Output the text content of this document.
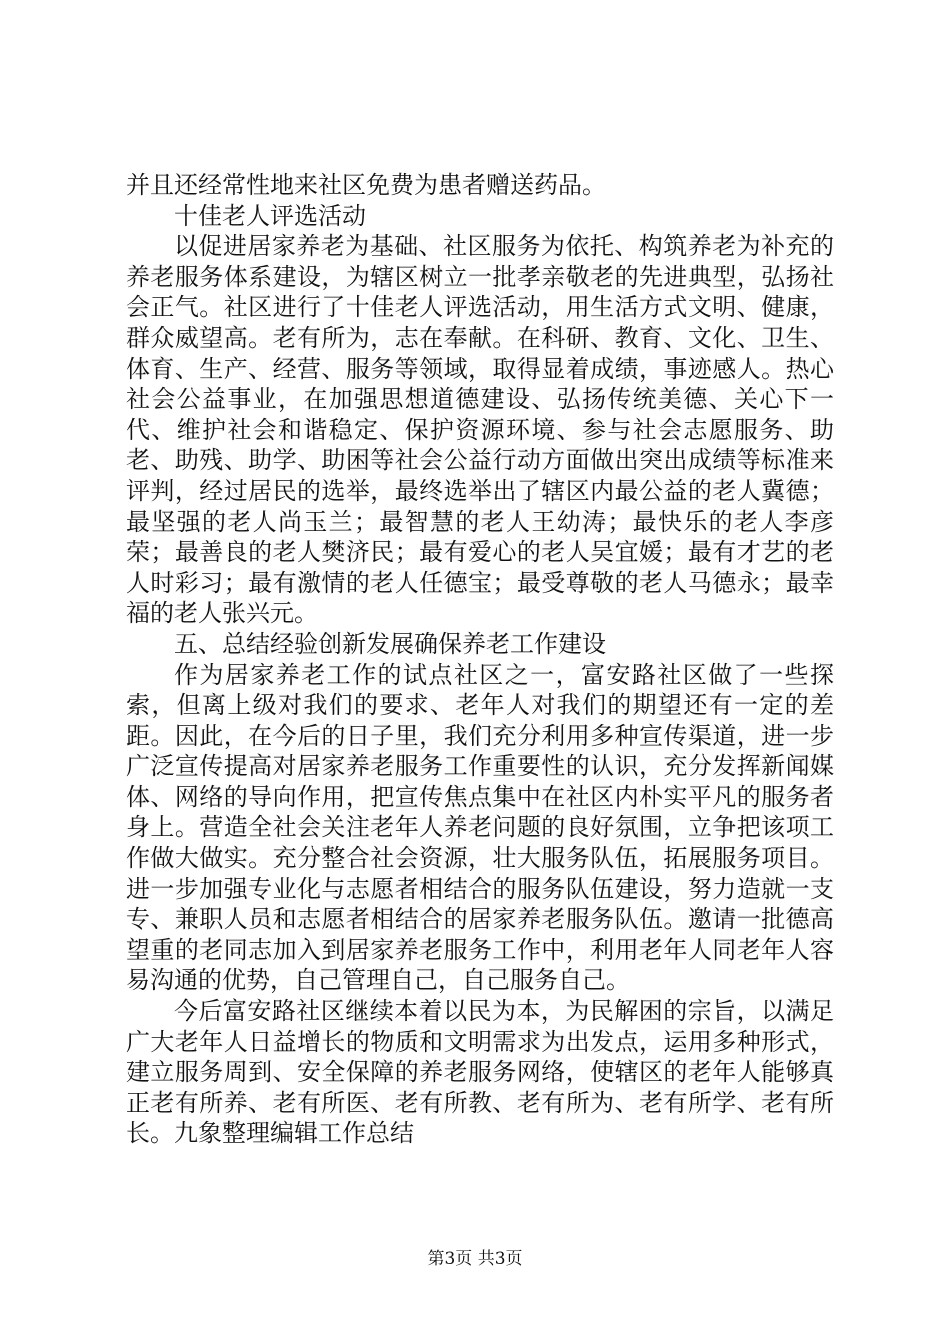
并且还经常性地来社区免费为患者赠送药品。

十佳老人评选活动

以促进居家养老为基础、社区服务为依托、构筑养老为补充的养老服务体系建设，为辖区树立一批孝亲敬老的先进典型，弘扬社会正气。社区进行了十佳老人评选活动，用生活方式文明、健康，群众威望高。老有所为，志在奉献。在科研、教育、文化、卫生、体育、生产、经营、服务等领域，取得显着成绩，事迹感人。热心社会公益事业，在加强思想道德建设、弘扬传统美德、关心下一代、维护社会和谐稳定、保护资源环境、参与社会志愿服务、助老、助残、助学、助困等社会公益行动方面做出突出成绩等标准来评判，经过居民的选举，最终选举出了辖区内最公益的老人冀德；最坚强的老人尚玉兰；最智慧的老人王幼涛；最快乐的老人李彦荣；最善良的老人樊济民；最有爱心的老人吴宜媛；最有才艺的老人时彩习；最有激情的老人任德宝；最受尊敬的老人马德永；最幸福的老人张兴元。

五、总结经验创新发展确保养老工作建设

作为居家养老工作的试点社区之一，富安路社区做了一些探索，但离上级对我们的要求、老年人对我们的期望还有一定的差距。因此，在今后的日子里，我们充分利用多种宣传渠道，进一步广泛宣传提高对居家养老服务工作重要性的认识，充分发挥新闻媒体、网络的导向作用，把宣传焦点集中在社区内朴实平凡的服务者身上。营造全社会关注老年人养老问题的良好氛围，立争把该项工作做大做实。充分整合社会资源，壮大服务队伍，拓展服务项目。进一步加强专业化与志愿者相结合的服务队伍建设，努力造就一支专、兼职人员和志愿者相结合的居家养老服务队伍。邀请一批德高望重的老同志加入到居家养老服务工作中，利用老年人同老年人容易沟通的优势，自己管理自己，自己服务自己。

今后富安路社区继续本着以民为本，为民解困的宗旨，以满足广大老年人日益增长的物质和文明需求为出发点，运用多种形式，建立服务周到、安全保障的养老服务网络，使辖区的老年人能够真正老有所养、老有所医、老有所教、老有所为、老有所学、老有所长。九象整理编辑工作总结

第3页 共3页
